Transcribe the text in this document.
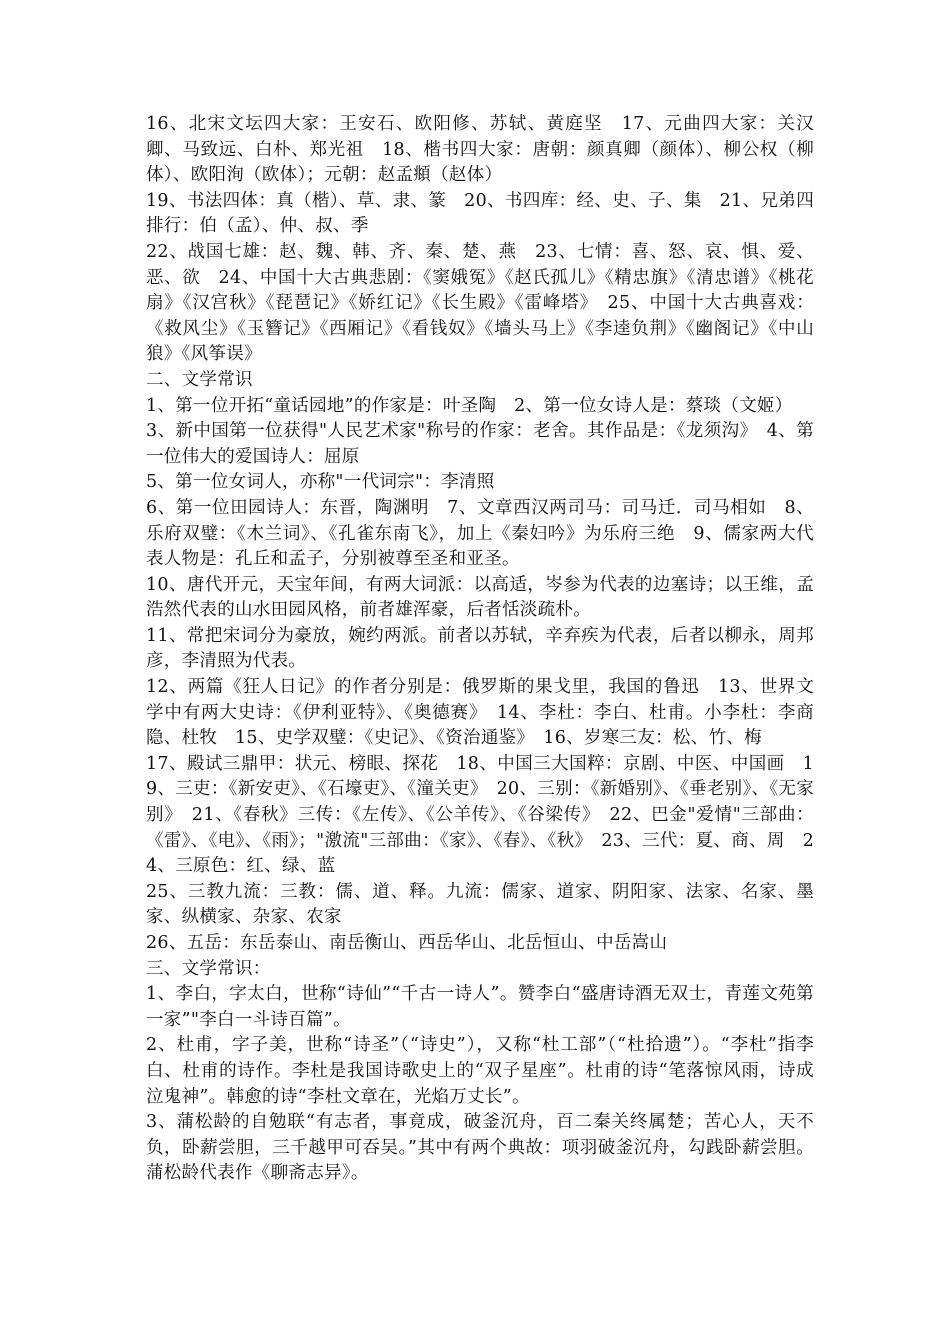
16、北宋文坛四大家：王安石、欧阳修、苏轼、黄庭坚　17、元曲四大家：关汉卿、马致远、白朴、郑光祖　18、楷书四大家：唐朝：颜真卿（颜体）、柳公权（柳体）、欧阳洵（欧体）；元朝：赵孟頫（赵体）

19、书法四体：真（楷）、草、隶、篆　20、书四库：经、史、子、集　21、兄弟四排行：伯（孟）、仲、叔、季

22、战国七雄：赵、魏、韩、齐、秦、楚、燕　23、七情：喜、怒、哀、惧、爱、恶、欲　24、中国十大古典悲剧：《窦娥冤》《赵氏孤儿》《精忠旗》《清忠谱》《桃花扇》《汉宫秋》《琵琶记》《娇红记》《长生殿》《雷峰塔》　25、中国十大古典喜戏：《救风尘》《玉簪记》《西厢记》《看钱奴》《墙头马上》《李逵负荆》《幽阁记》《中山狼》《风筝误》

二、文学常识

1、第一位开拓“童话园地”的作家是：叶圣陶　2、第一位女诗人是：蔡琰（文姬）

3、新中国第一位获得"人民艺术家"称号的作家：老舍。其作品是：《龙须沟》　4、第一位伟大的爱国诗人：屈原

5、第一位女词人，亦称"一代词宗"：李清照

6、第一位田园诗人：东晋，陶渊明　7、文章西汉两司马：司马迁．司马相如　8、乐府双璧：《木兰词》、《孔雀东南飞》，加上《秦妇吟》为乐府三绝　9、儒家两大代表人物是：孔丘和孟子，分别被尊至圣和亚圣。

10、唐代开元，天宝年间，有两大词派：以高适，岑参为代表的边塞诗；以王维，孟浩然代表的山水田园风格，前者雄浑豪，后者恬淡疏朴。

11、常把宋词分为豪放，婉约两派。前者以苏轼，辛弃疾为代表，后者以柳永，周邦彦，李清照为代表。

12、两篇《狂人日记》的作者分别是：俄罗斯的果戈里，我国的鲁迅　13、世界文学中有两大史诗：《伊利亚特》、《奥德赛》　14、李杜：李白、杜甫。小李杜：李商隐、杜牧　15、史学双璧：《史记》、《资治通鉴》　16、岁寒三友：松、竹、梅

17、殿试三鼎甲：状元、榜眼、探花　18、中国三大国粹：京剧、中医、中国画　19、三吏：《新安吏》、《石壕吏》、《潼关吏》　20、三别：《新婚别》、《垂老别》、《无家别》　21、《春秋》三传：《左传》、《公羊传》、《谷梁传》　22、巴金"爱情"三部曲：《雷》、《电》、《雨》；"激流"三部曲：《家》、《春》、《秋》　23、三代：夏、商、周　24、三原色：红、绿、蓝

25、三教九流：三教：儒、道、释。九流：儒家、道家、阴阳家、法家、名家、墨家、纵横家、杂家、农家

26、五岳：东岳泰山、南岳衡山、西岳华山、北岳恒山、中岳嵩山

三、文学常识：

1、李白，字太白，世称“诗仙”“千古一诗人”。赞李白“盛唐诗酒无双士，青莲文苑第一家”"李白一斗诗百篇”。

2、杜甫，字子美，世称“诗圣”（“诗史”），又称“杜工部”（“杜拾遗”）。“李杜”指李白、杜甫的诗作。李杜是我国诗歌史上的“双子星座”。杜甫的诗“笔落惊风雨，诗成泣鬼神”。韩愈的诗“李杜文章在，光焰万丈长”。

3、蒲松龄的自勉联“有志者，事竟成，破釜沉舟，百二秦关终属楚；苦心人，天不负，卧薪尝胆，三千越甲可吞吴。”其中有两个典故：项羽破釜沉舟，勾践卧薪尝胆。蒲松龄代表作《聊斋志异》。
